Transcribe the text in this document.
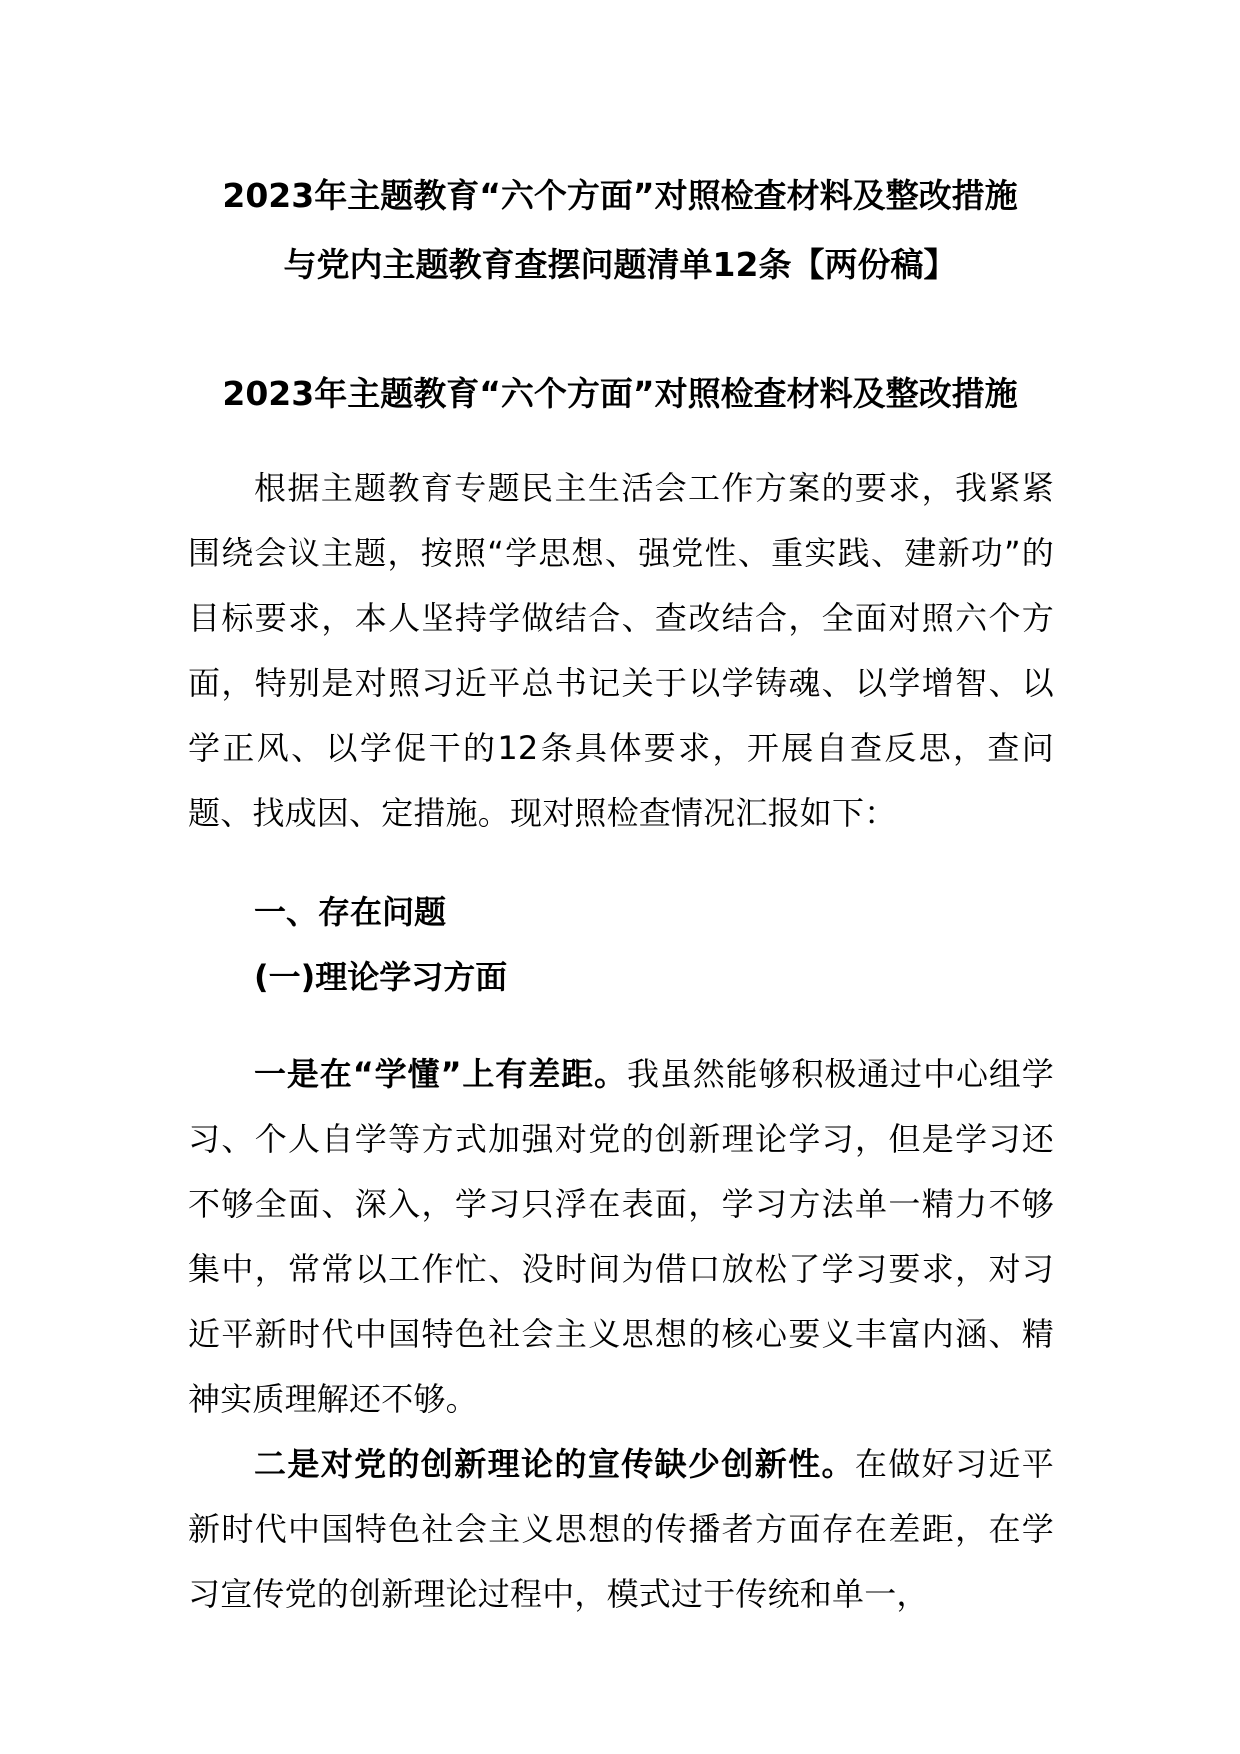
2023年主题教育“六个方面”对照检查材料及整改措施
与党内主题教育查摆问题清单12条【两份稿】
2023年主题教育“六个方面”对照检查材料及整改措施

根据主题教育专题民主生活会工作方案的要求，我紧紧围绕会议主题，按照“学思想、强党性、重实践、建新功”的目标要求，本人坚持学做结合、查改结合，全面对照六个方面，特别是对照习近平总书记关于以学铸魂、以学增智、以学正风、以学促干的12条具体要求，开展自查反思，查问题、找成因、定措施。现对照检查情况汇报如下：

一、存在问题
(一)理论学习方面

一是在“学懂”上有差距。我虽然能够积极通过中心组学习、个人自学等方式加强对党的创新理论学习，但是学习还不够全面、深入，学习只浮在表面，学习方法单一精力不够集中，常常以工作忙、没时间为借口放松了学习要求，对习近平新时代中国特色社会主义思想的核心要义丰富内涵、精神实质理解还不够。

二是对党的创新理论的宣传缺少创新性。在做好习近平新时代中国特色社会主义思想的传播者方面存在差距，在学习宣传党的创新理论过程中，模式过于传统和单一，
